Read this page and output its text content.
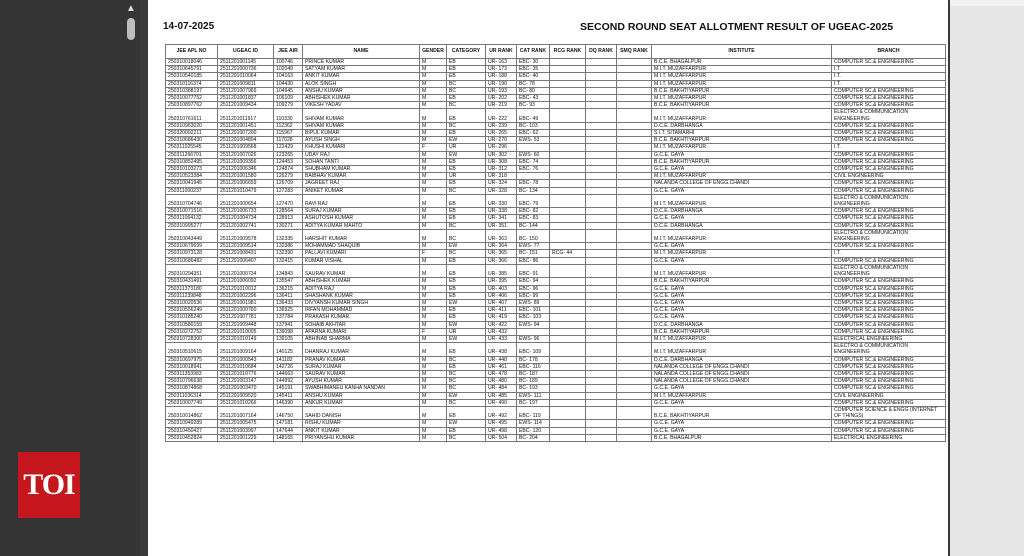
▲
14-07-2025	SECOND ROUND SEAT ALLOTMENT RESULT OF UGEAC-2025
JEE APL NO	UGEAC ID	JEE AIR	NAME	GENDER	CATEGORY	UR RANK	CAT RANK	RCG RANK	DQ RANK	SMQ RANK	INSTITUTE	BRANCH
250310018046	2511201001145	100746	PRINCE KUMAR	M	EB	UR- 163	EBC- 30				B.C.E. BHAGALPUR	COMPUTER SC.& ENGINEERING
250310645791	2511201000736	102049	SATYAM KUMAR	M	EB	UR- 173	EBC- 35				M.I.T. MUZAFFARPUR	I.T.
250310540185	2511201010064	104163	ANKIT KUMAR	M	EB	UR- 188	EBC- 40				M.I.T. MUZAFFARPUR	I.T.
250310116374	2511201009811	104430	ALOK SINGH	M	BC	UR- 190	BC- 78				M.I.T. MUZAFFARPUR	I.T.
250310368197	2511201007969	104945	ANSHU KUMAR	M	BC	UR- 193	BC- 80				B.C.E. BAKHTIYARPUR	COMPUTER SC.& ENGINEERING
250310077752	2511201001837	106109	ABHISHEK KUMAR	M	EB	UR- 202	EBC- 43				M.I.T. MUZAFFARPUR	COMPUTER SC.& ENGINEERING
250310897762	2511201009434	109279	VIKESH YADAV	M	BC	UR- 219	BC- 93				B.C.E. BAKHTIYARPUR	COMPUTER SC.& ENGINEERING
250310761611	2511201011917	110330	SHIVAM KUMAR	M	EB	UR- 222	EBC- 49				M.I.T. MUZAFFARPUR	ELECTRO & COMMUNICATION ENGINEERING
250310963020	2511201001451	112362	SHIVAM KUMAR	M	BC	UR- 239	BC- 103				D.C.E. DARBHANGA	COMPUTER SC.& ENGINEERING
250320092211	2511201007200	115967	BIPUL KUMAR	M	EB	UR- 265	EBC- 62				S.I.T. SITAMARHI	COMPUTER SC.& ENGINEERING
250310686430	2511201004804	117028	AYUSH SINGH	M	EW	UR- 270	EWS- 53				B.C.E. BAKHTIYARPUR	COMPUTER SC.& ENGINEERING
250311025545	2511201009568	122429	KHUSHI KUMARI	F	UR	UR- 296					M.I.T. MUZAFFARPUR	I.T.
250311266701	2511201007026	123265	UDAY RAJ	M	EW	UR- 302	EWS- 60				G.C.E. GAYA	COMPUTER SC.& ENGINEERING
250310852495	2511201009356	124453	SOHAN TANTI	M	EB	UR- 308	EBC- 74				B.C.E. BAKHTIYARPUR	COMPUTER SC.& ENGINEERING
250310103273	2511201006346	124874	SHUBHAM KUMAR	M	EB	UR- 312	EBC- 76				G.C.E. GAYA	COMPUTER SC.& ENGINEERING
250310523384	2511201001580	126279	BAIBHAV KUMAR	M	UR	UR- 318					M.I.T. MUZAFFARPUR	CIVIL ENGINEERING
250310041945	2511201006659	126709	JAGREET RAJ	M	EB	UR- 324	EBC- 78				NALANDA COLLEGE OF ENGG.CHANDI	COMPUTER SC.& ENGINEERING
250311000237	2511201010479	127283	ANIKET KUMAR	M	BC	UR- 328	BC- 134				G.C.E. GAYA	COMPUTER SC.& ENGINEERING
250310704746	2511201000654	127470	RAVI RAJ	M	EB	UR- 330	EBC- 79				M.I.T. MUZAFFARPUR	ELECTRO & COMMUNICATION ENGINEERING
250310071516	2511201006733	128564	SURAJ KUMAR	M	EB	UR- 338	EBC- 82				D.C.E. DARBHANGA	COMPUTER SC.& ENGINEERING
250311064132	2511201004734	128913	ASHUTOSH KUMAR	M	EB	UR- 341	EBC- 83				G.C.E. GAYA	COMPUTER SC.& ENGINEERING
250310995277	2511201002741	130271	ADITYA KUMAR MAHTO	M	BC	UR- 351	BC- 144				D.C.E. DARBHANGA	COMPUTER SC.& ENGINEERING
250310043449	2511201009578	132335	HARSHIT KUMAR	M	BC	UR- 363	BC- 150				M.I.T. MUZAFFARPUR	ELECTRO & COMMUNICATION ENGINEERING
250310679699	2511201009514	132386	MOHAMMAD SHAQUIB	M	EW	UR- 364	EWS- 77				G.C.E. GAYA	COMPUTER SC.& ENGINEERING
250310973128	2511201008431	132390	PALLAVI KUMARI	F	BC	UR- 365	BC- 151	RCG- 44			M.I.T. MUZAFFARPUR	I.T.
250310686482	2511201006407	132415	KUMAR VISHAL	M	EB	UR- 366	EBC- 86				G.C.E. GAYA	COMPUTER SC.& ENGINEERING
250310294351	2511201000734	134843	SAURAV KUMAR	M	EB	UR- 385	EBC- 91				M.I.T. MUZAFFARPUR	ELECTRO & COMMUNICATION ENGINEERING
250310431491	2511201006092	135547	ABHISHEK KUMAR	M	EB	UR- 395	EBC- 94				B.C.E. BAKHTIYARPUR	COMPUTER SC.& ENGINEERING
250311373180	2511201010012	136215	ADITYA RAJ	M	EB	UR- 403	EBC- 96				G.C.E. GAYA	COMPUTER SC.& ENGINEERING
250311239848	2511201002296	136411	SHASHANK KUMAR	M	EB	UR- 406	EBC- 99				G.C.E. GAYA	COMPUTER SC.& ENGINEERING
250310020536	2511201001981	136433	DIVYANSH KUMAR SINGH	M	EW	UR- 407	EWS- 89				G.C.E. GAYA	COMPUTER SC.& ENGINEERING
250310556249	2511201000760	136925	IRFAN MOHAMMAD	M	EB	UR- 411	EBC- 101				G.C.E. GAYA	COMPUTER SC.& ENGINEERING
250310185240	2511201007781	137784	PRAKASH KUMAR	M	EB	UR- 419	EBC- 103				G.C.E. GAYA	COMPUTER SC.& ENGINEERING
250310580159	2511201009448	137941	SOHAIB AKHTAR	M	EW	UR- 422	EWS- 94				D.C.E. DARBHANGA	COMPUTER SC.& ENGINEERING
250310272752	2511201010005	139098	APARNA KUMARI	F	UR	UR- 432					B.C.E. BAKHTIYARPUR	COMPUTER SC.& ENGINEERING
250310728300	2511201010149	139105	ABHINAB SHARMA	M	EW	UR- 433	EWS- 96				M.I.T. MUZAFFARPUR	ELECTRICAL ENGINEERING
250310510615	2511201009164	140125	DHANRAJ KUMAR	M	EB	UR- 438	EBC- 109				M.I.T. MUZAFFARPUR	ELECTRO & COMMUNICATION ENGINEERING
250310697975	2511201000543	141182	PRANAV KUMAR	M	BC	UR- 448	BC- 178				D.C.E. DARBHANGA	COMPUTER SC.& ENGINEERING
250310018941	2511201010684	142726	SURAJ KUMAR	M	EB	UR- 461	EBC- 116				NALANDA COLLEGE OF ENGG.CHANDI	COMPUTER SC.& ENGINEERING
250311353983	2511201010776	144663	SAURAV KUMAR	M	BC	UR- 478	BC- 187				NALANDA COLLEGE OF ENGG.CHANDI	COMPUTER SC.& ENGINEERING
250310796638	2511201003147	144992	AYUSH KUMAR	M	BC	UR- 480	BC- 189				NALANDA COLLEGE OF ENGG.CHANDI	COMPUTER SC.& ENGINEERING
250310874868	2511201003470	145191	SWABHIMANEU KANHA NANDAN	M	BC	UR- 484	BC- 193				G.C.E. GAYA	COMPUTER SC.& ENGINEERING
250311036314	2511201009520	145411	ANSHU KUMAR	M	EW	UR- 485	EWS- 111				M.I.T. MUZAFFARPUR	CIVIL ENGINEERING
250310007749	2511201010266	146390	ANKUR KUMAR	M	BC	UR- 490	BC- 197				G.C.E. GAYA	COMPUTER SC.& ENGINEERING
250310014862	2511201007164	146750	SAHID DANISH	M	EB	UR- 492	EBC- 119				B.C.E. BAKHTIYARPUR	COMPUTER SCIENCE & ENGG (INTERNET OF THINGS)
250310949289	2511201005475	147181	RISHU KUMAR	M	EW	UR- 495	EWS- 114				G.C.E. GAYA	COMPUTER SC.& ENGINEERING
250310450427	2511201003997	147644	ANKIT KUMAR	M	EB	UR- 498	EBC- 120				G.C.E. GAYA	COMPUTER SC.& ENGINEERING
250310452824	2511201001229	148165	PRIYANSHU KUMAR	M	BC	UR- 504	BC- 204				B.C.E. BHAGALPUR	ELECTRICAL ENGINEERING
TOI
